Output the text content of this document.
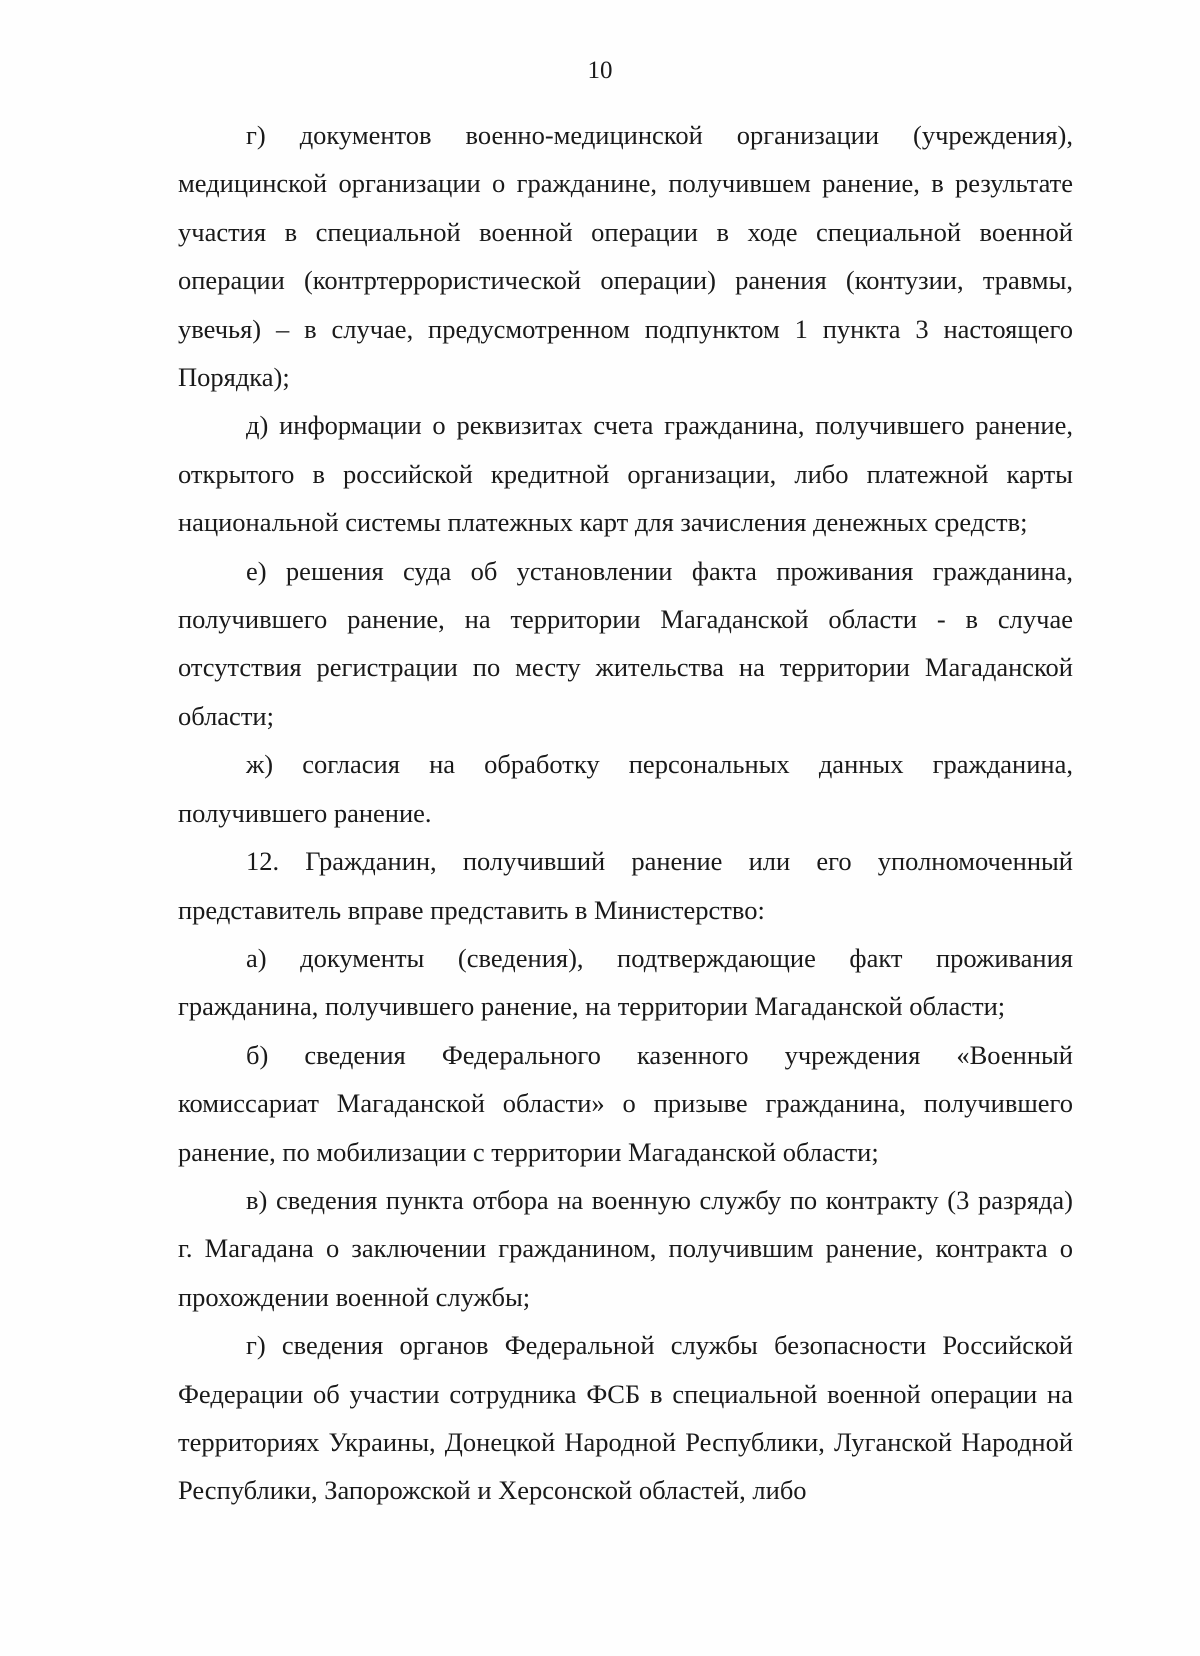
10

г) документов военно-медицинской организации (учреждения), медицинской организации о гражданине, получившем ранение, в результате участия в специальной военной операции в ходе специальной военной операции (контртеррористической операции) ранения (контузии, травмы, увечья) – в случае, предусмотренном подпунктом 1 пункта 3 настоящего Порядка);

д) информации о реквизитах счета гражданина, получившего ранение, открытого в российской кредитной организации, либо платежной карты национальной системы платежных карт для зачисления денежных средств;

е) решения суда об установлении факта проживания гражданина, получившего ранение, на территории Магаданской области - в случае отсутствия регистрации по месту жительства на территории Магаданской области;

ж) согласия на обработку персональных данных гражданина, получившего ранение.

12. Гражданин, получивший ранение или его уполномоченный представитель вправе представить в Министерство:

а) документы (сведения), подтверждающие факт проживания гражданина, получившего ранение, на территории Магаданской области;

б) сведения Федерального казенного учреждения «Военный комиссариат Магаданской области» о призыве гражданина, получившего ранение, по мобилизации с территории Магаданской области;

в) сведения пункта отбора на военную службу по контракту (3 разряда) г. Магадана о заключении гражданином, получившим ранение, контракта о прохождении военной службы;

г) сведения органов Федеральной службы безопасности Российской Федерации об участии сотрудника ФСБ в специальной военной операции на территориях Украины, Донецкой Народной Республики, Луганской Народной Республики, Запорожской и Херсонской областей, либо
